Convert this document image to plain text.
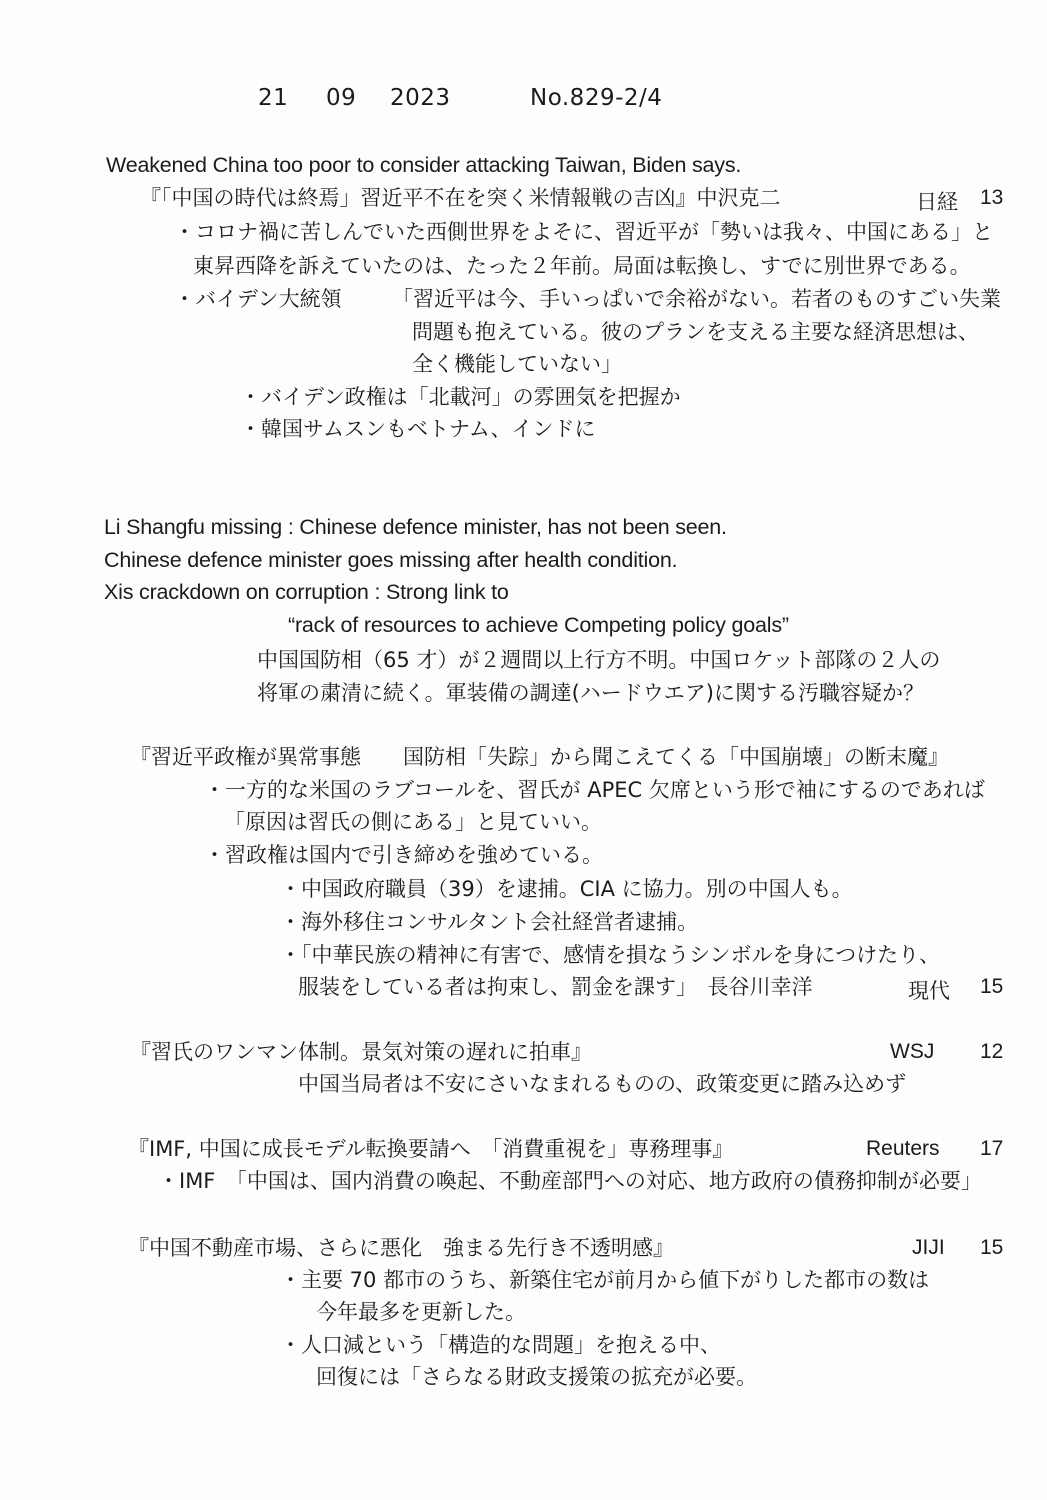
21 09 2023	No.829-2/4
Weakened China too poor to consider attacking Taiwan, Biden says.
『「中国の時代は終焉」習近平不在を突く米情報戦の吉凶』中沢克二	日経 13
・コロナ禍に苦しんでいた西側世界をよそに、習近平が「勢いは我々、中国にある」と
東昇西降を訴えていたのは、たった２年前。局面は転換し、すでに別世界である。
・バイデン大統領 「習近平は今、手いっぱいで余裕がない。若者のものすごい失業
問題も抱えている。彼のプランを支える主要な経済思想は、
全く機能していない」
・バイデン政権は「北載河」の雰囲気を把握か
・韓国サムスンもベトナム、インドに
Li Shangfu missing : Chinese defence minister, has not been seen.
Chinese defence minister goes missing after health condition.
Xis crackdown on corruption : Strong link to
“rack of resources to achieve Competing policy goals”
中国国防相（65 才）が２週間以上行方不明。中国ロケット部隊の２人の
将軍の粛清に続く。軍装備の調達(ハードウエア)に関する汚職容疑か？
『習近平政権が異常事態　　国防相「失踪」から聞こえてくる「中国崩壊」の断末魔』
・一方的な米国のラブコールを、習氏が APEC 欠席という形で袖にするのであれば
「原因は習氏の側にある」と見ていい。
・習政権は国内で引き締めを強めている。
・中国政府職員（39）を逮捕。CIA に協力。別の中国人も。
・海外移住コンサルタント会社経営者逮捕。
・「中華民族の精神に有害で、感情を損なうシンボルを身につけたり、
服装をしている者は拘束し、罰金を課す」　長谷川幸洋	現代 15
『習氏のワンマン体制。景気対策の遅れに拍車』	WSJ 12
中国当局者は不安にさいなまれるものの、政策変更に踏み込めず
『IMF, 中国に成長モデル転換要請へ　「消費重視を」専務理事』	Reuters 17
・IMF　「中国は、国内消費の喚起、不動産部門への対応、地方政府の債務抑制が必要」
『中国不動産市場、さらに悪化　強まる先行き不透明感』	JIJI 15
・主要 70 都市のうち、新築住宅が前月から値下がりした都市の数は
今年最多を更新した。
・人口減という「構造的な問題」を抱える中、
回復には「さらなる財政支援策の拡充が必要。
